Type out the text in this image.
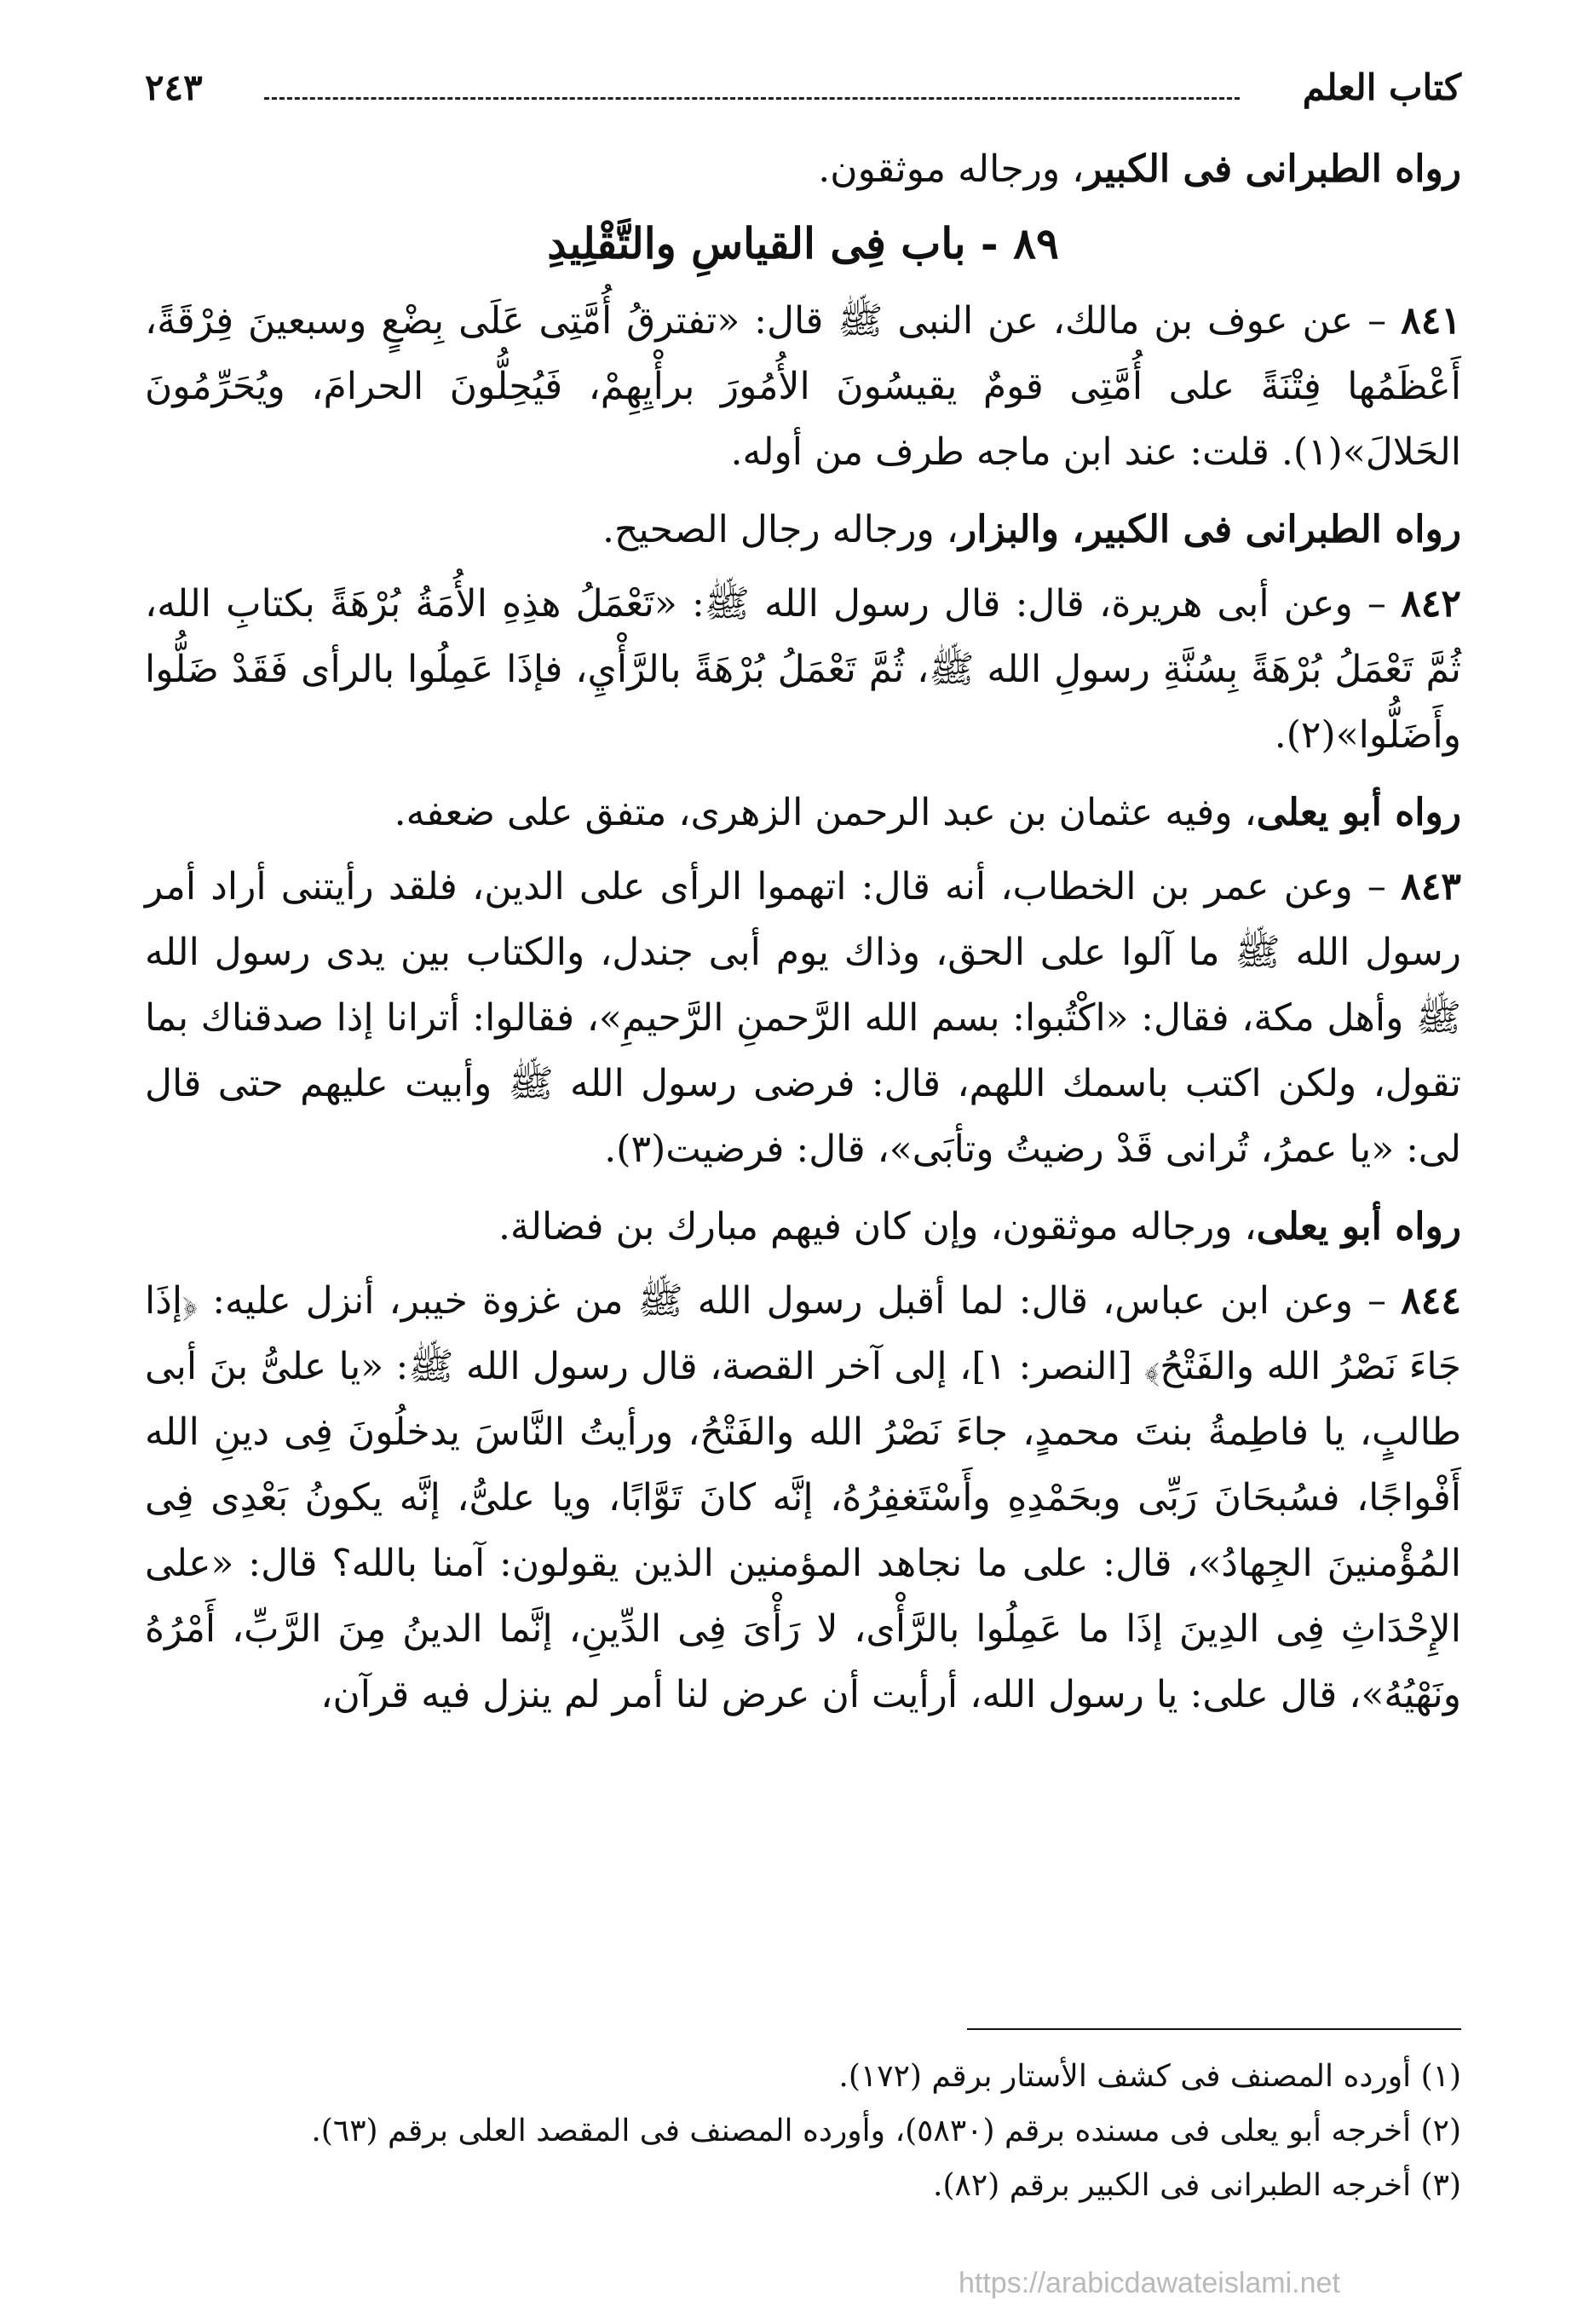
كتاب العلم
٢٤٣

رواه الطبرانى فى الكبير، ورجاله موثقون.

٨٩ - باب فِى القياسِ والتَّقْلِيدِ

٨٤١ – عن عوف بن مالك، عن النبى ﷺ قال: «تفترقُ أُمَّتِى عَلَى بِضْعٍ وسبعينَ فِرْقَةً، أَعْظَمُها فِتْنَةً على أُمَّتِى قومٌ يقيسُونَ الأُمُورَ برأْيِهِمْ، فَيُحِلُّونَ الحرامَ، ويُحَرِّمُونَ الحَلالَ»(١). قلت: عند ابن ماجه طرف من أوله.

رواه الطبرانى فى الكبير، والبزار، ورجاله رجال الصحيح.

٨٤٢ – وعن أبى هريرة، قال: قال رسول الله ﷺ: «تَعْمَلُ هذِهِ الأُمَةُ بُرْهَةً بكتابِ الله، ثُمَّ تَعْمَلُ بُرْهَةً بِسُنَّةِ رسولِ الله ﷺ، ثُمَّ تَعْمَلُ بُرْهَةً بالرَّأْيِ، فإذَا عَمِلُوا بالرأى فَقَدْ ضَلُّوا وأَضَلُّوا»(٢).

رواه أبو يعلى، وفيه عثمان بن عبد الرحمن الزهرى، متفق على ضعفه.

٨٤٣ – وعن عمر بن الخطاب، أنه قال: اتهموا الرأى على الدين، فلقد رأيتنى أراد أمر رسول الله ﷺ ما آلوا على الحق، وذاك يوم أبى جندل، والكتاب بين يدى رسول الله ﷺ وأهل مكة، فقال: «اكْتُبوا: بسم الله الرَّحمنِ الرَّحيمِ»، فقالوا: أترانا إذا صدقناك بما تقول، ولكن اكتب باسمك اللهم، قال: فرضى رسول الله ﷺ وأبيت عليهم حتى قال لى: «يا عمرُ، تُرانى قَدْ رضيتُ وتأبَى»، قال: فرضيت(٣).

رواه أبو يعلى، ورجاله موثقون، وإن كان فيهم مبارك بن فضالة.

٨٤٤ – وعن ابن عباس، قال: لما أقبل رسول الله ﷺ من غزوة خيبر، أنزل عليه: ﴿إذَا جَاءَ نَصْرُ الله والفَتْحُ﴾ [النصر: ١]، إلى آخر القصة، قال رسول الله ﷺ: «يا علىُّ بنَ أبى طالبٍ، يا فاطِمةُ بنتَ محمدٍ، جاءَ نَصْرُ الله والفَتْحُ، ورأيتُ النَّاسَ يدخلُونَ فِى دينِ الله أَفْواجًا، فسُبحَانَ رَبِّى وبحَمْدِهِ وأَسْتَغفِرُهُ، إنَّه كانَ تَوَّابًا، ويا علىُّ، إنَّه يكونُ بَعْدِى فِى المُؤْمنينَ الجِهادُ»، قال: على ما نجاهد المؤمنين الذين يقولون: آمنا بالله؟ قال: «على الإِحْدَاثِ فِى الدِينَ إذَا ما عَمِلُوا بالرَّأْى، لا رَأْىَ فِى الدِّينِ، إنَّما الدينُ مِنَ الرَّبِّ، أَمْرُهُ ونَهْيُهُ»، قال على: يا رسول الله، أرأيت أن عرض لنا أمر لم ينزل فيه قرآن،

(١) أورده المصنف فى كشف الأستار برقم (١٧٢).

(٢) أخرجه أبو يعلى فى مسنده برقم (٥٨٣٠)، وأورده المصنف فى المقصد العلى برقم (٦٣).

(٣) أخرجه الطبرانى فى الكبير برقم (٨٢).

https://arabicdawateislami.net
